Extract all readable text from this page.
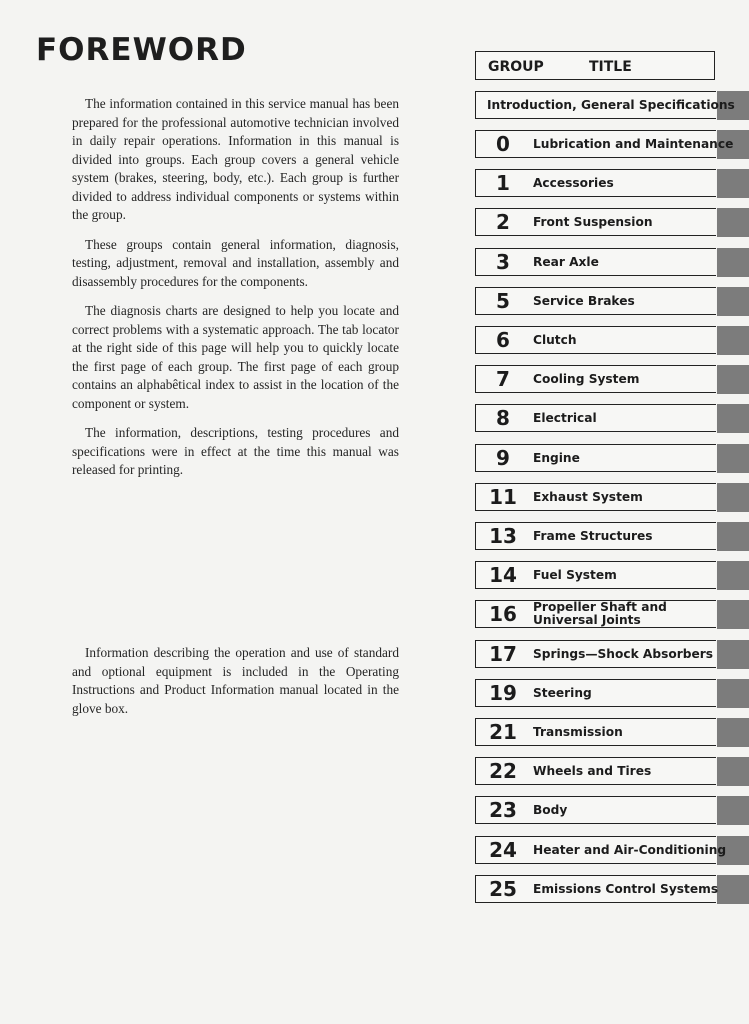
FOREWORD

The information contained in this service manual has been prepared for the professional automotive technician involved in daily repair operations. Information in this manual is divided into groups. Each group covers a general vehicle system (brakes, steering, body, etc.). Each group is further divided to address individual components or systems within the group.

These groups contain general information, diagnosis, testing, adjustment, removal and installation, assembly and disassembly procedures for the components.

The diagnosis charts are designed to help you locate and correct problems with a systematic approach. The tab locator at the right side of this page will help you to quickly locate the first page of each group. The first page of each group contains an alphabêtical index to assist in the location of the component or system.

The information, descriptions, testing procedures and specifications were in effect at the time this manual was released for printing.

Information describing the operation and use of standard and optional equipment is included in the Operating Instructions and Product Information manual located in the glove box.

GROUP	TITLE
Introduction, General Specifications
0	Lubrication and Maintenance
1	Accessories
2	Front Suspension
3	Rear Axle
5	Service Brakes
6	Clutch
7	Cooling System
8	Electrical
9	Engine
11	Exhaust System
13	Frame Structures
14	Fuel System
16	Propeller Shaft and Universal Joints
17	Springs—Shock Absorbers
19	Steering
21	Transmission
22	Wheels and Tires
23	Body
24	Heater and Air-Conditioning
25	Emissions Control Systems
